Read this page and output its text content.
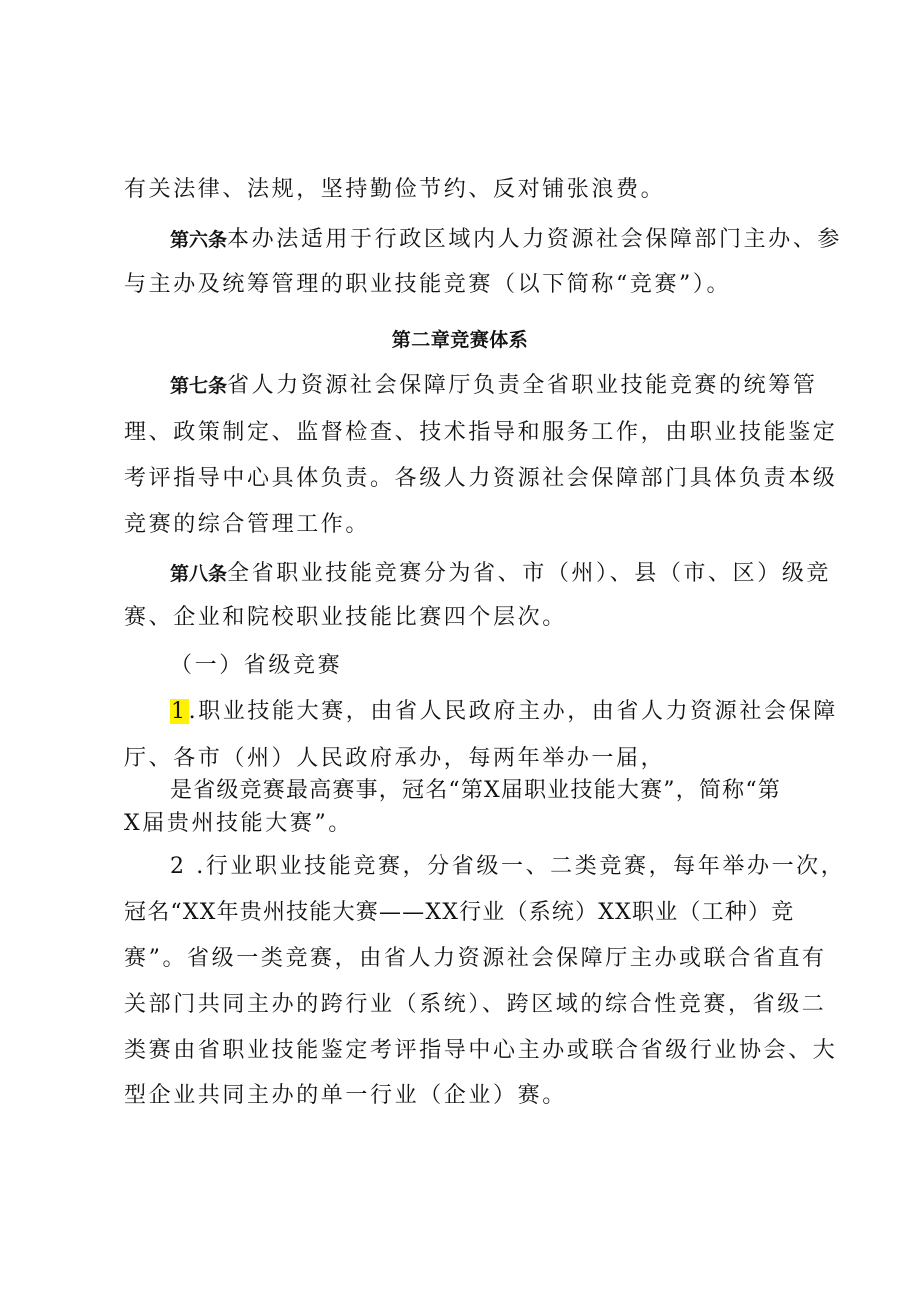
有关法律、法规，坚持勤俭节约、反对铺张浪费。
第六条本办法适用于行政区域内人力资源社会保障部门主办、参
与主办及统筹管理的职业技能竞赛（以下简称“竞赛”）。
第二章竞赛体系
第七条省人力资源社会保障厅负责全省职业技能竞赛的统筹管
理、政策制定、监督检查、技术指导和服务工作，由职业技能鉴定
考评指导中心具体负责。各级人力资源社会保障部门具体负责本级
竞赛的综合管理工作。
第八条全省职业技能竞赛分为省、市（州）、县（市、区）级竞
赛、企业和院校职业技能比赛四个层次。
（一）省级竞赛
1.职业技能大赛，由省人民政府主办，由省人力资源社会保障
厅、各市（州）人民政府承办，每两年举办一届，
是省级竞赛最高赛事，冠名“第X届职业技能大赛”，简称“第
X届贵州技能大赛”。
2 .行业职业技能竞赛，分省级一、二类竞赛，每年举办一次，
冠名“XX年贵州技能大赛——XX行业（系统）XX职业（工种）竞
赛”。省级一类竞赛，由省人力资源社会保障厅主办或联合省直有
关部门共同主办的跨行业（系统）、跨区域的综合性竞赛，省级二
类赛由省职业技能鉴定考评指导中心主办或联合省级行业协会、大
型企业共同主办的单一行业（企业）赛。
